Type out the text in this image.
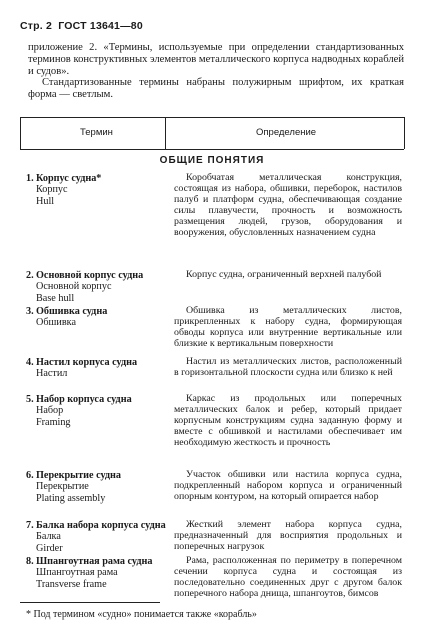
Стр. 2 ГОСТ 13641—80

приложение 2. «Термины, используемые при определении стандартизованных терминов конструктивных элементов металлического корпуса надводных кораблей и судов».

Стандартизованные термины набраны полужирным шрифтом, их краткая форма — светлым.

Термин	Определение
ОБЩИЕ ПОНЯТИЯ
1. Корпус судна*
Корпус
Hull

Коробчатая металлическая конструкция, состоящая из набора, обшивки, переборок, настилов палуб и платформ судна, обеспечивающая создание силы плавучести, прочность и возможность размещения людей, грузов, оборудования и вооружения, обусловленных назначением судна

2. Основной корпус судна
Основной корпус
Base hull

Корпус судна, ограниченный верхней палубой

3. Обшивка судна
Обшивка

Обшивка из металлических листов, прикрепленных к набору судна, формирующая обводы корпуса или внутренние вертикальные или близкие к вертикальным поверхности

4. Настил корпуса судна
Настил

Настил из металлических листов, расположенный в горизонтальной плоскости судна или близко к ней

5. Набор корпуса судна
Набор
Framing

Каркас из продольных или поперечных металлических балок и ребер, который придает корпусным конструкциям судна заданную форму и вместе с обшивкой и настилами обеспечивает им необходимую жесткость и прочность

6. Перекрытие судна
Перекрытие
Plating assembly

Участок обшивки или настила корпуса судна, подкрепленный набором корпуса и ограниченный опорным контуром, на который опирается набор

7. Балка набора корпуса судна
Балка
Girder

Жесткий элемент набора корпуса судна, предназначенный для восприятия продольных и поперечных нагрузок

8. Шпангоутная рама судна
Шпангоутная рама
Transverse frame

Рама, расположенная по периметру в поперечном сечении корпуса судна и состоящая из последовательно соединенных друг с другом балок поперечного набора днища, шпангоутов, бимсов

* Под термином «судно» понимается также «корабль»
